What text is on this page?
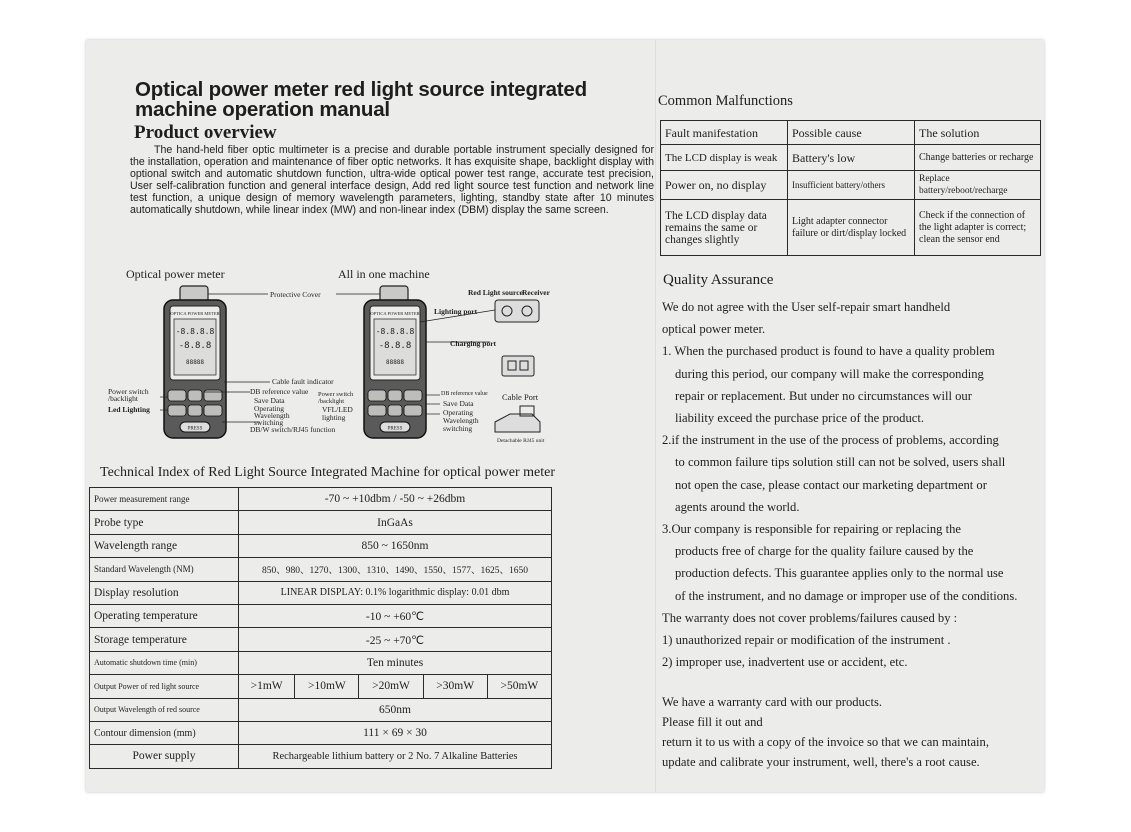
Optical power meter red light source integrated machine operation manual
Product overview
The hand-held fiber optic multimeter is a precise and durable portable instrument specially designed for the installation, operation and maintenance of fiber optic networks. It has exquisite shape, backlight display with optional switch and automatic shutdown function, ultra-wide optical power test range, accurate test precision, User self-calibration function and general interface design, Add red light source test function and network line test function, a unique design of memory wavelength parameters, lighting, standby state after 10 minutes automatically shutdown, while linear index (MW) and non-linear index (DBM) display the same screen.
Optical power meter	All in one machine
OPTICA POWER METER
-8.8.8.8
-8.8.8
88888
PRESS
OPTICA POWER METER
-8.8.8.8
-8.8.8
88888
PRESS
Protective Cover	Red Light source Receiver
Lighting port
Charging port
Cable fault indicator
DB reference value
Save Data
Operating
Wavelength
switching
Power switch
/backlight
Led Lighting
Power switch
/backlight
VFL/LED
lighting
DB/W switch/RJ45 function
DB reference value
Save Data
Operating
Wavelength
switching
Cable Port
Detachable RJ45 unit
Technical Index of Red Light Source Integrated Machine for optical power meter
Power measurement range	-70 ~ +10dbm / -50 ~ +26dbm				
Probe type	InGaAs				
Wavelength range	850 ~ 1650nm				
Standard Wavelength (NM)	850、980、1270、1300、1310、1490、1550、1577、1625、1650				
Display resolution	LINEAR DISPLAY: 0.1% logarithmic display: 0.01 dbm				
Operating temperature	-10 ~ +60℃				
Storage temperature	-25 ~ +70℃				
Automatic shutdown time (min)	Ten minutes				
Output Power of red light source	>1mW	>10mW	>20mW	>30mW	>50mW
Output Wavelength of red source	650nm				
Contour dimension (mm)	111 × 69 × 30				
Power supply	Rechargeable lithium battery or 2 No. 7 Alkaline Batteries				
Common Malfunctions
Fault manifestation	Possible cause	The solution
The LCD display is weak	Battery's low	Change batteries or recharge
Power on, no display	Insufficient battery/others	Replace battery/reboot/recharge
The LCD display data remains the same or changes slightly	Light adapter connector failure or dirt/display locked	Check if the connection of the light adapter is correct; clean the sensor end
Quality Assurance

We do not agree with the User self-repair smart handheld

optical power meter.

1. When the purchased product is found to have a quality problem

during this period, our company will make the corresponding

repair or replacement. But under no circumstances will our

liability exceed the purchase price of the product.

2.if the instrument in the use of the process of problems, according

to common failure tips solution still can not be solved, users shall

not open the case, please contact our marketing department or

agents around the world.

3.Our company is responsible for repairing or replacing the

products free of charge for the quality failure caused by the

production defects. This guarantee applies only to the normal use

of the instrument, and no damage or improper use of the conditions.

The warranty does not cover problems/failures caused by :

1) unauthorized repair or modification of the instrument .

2) improper use, inadvertent use or accident, etc.

We have a warranty card with our products.
Please fill it out and
return it to us with a copy of the invoice so that we can maintain,
update and calibrate your instrument, well, there's a root cause.
